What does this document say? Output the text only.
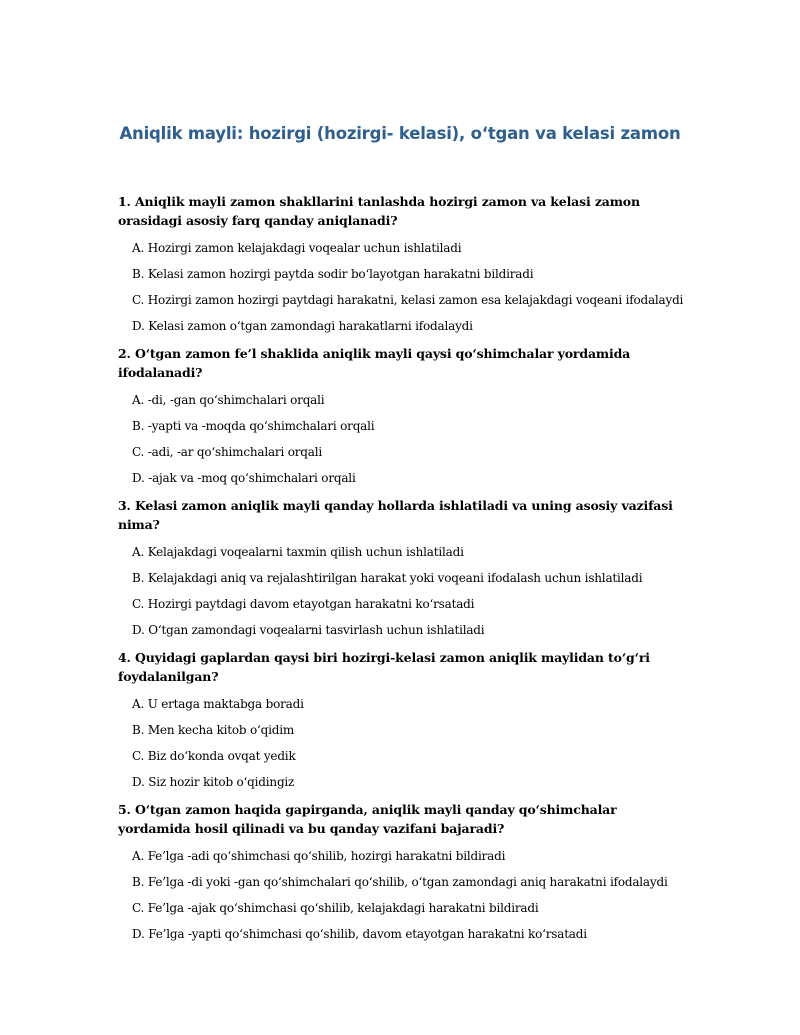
Aniqlik mayli: hozirgi (hozirgi- kelasi), o‘tgan va kelasi zamon

1. Aniqlik mayli zamon shakllarini tanlashda hozirgi zamon va kelasi zamon orasidagi asosiy farq qanday aniqlanadi?

A. Hozirgi zamon kelajakdagi voqealar uchun ishlatiladi
B. Kelasi zamon hozirgi paytda sodir bo‘layotgan harakatni bildiradi
C. Hozirgi zamon hozirgi paytdagi harakatni, kelasi zamon esa kelajakdagi voqeani ifodalaydi
D. Kelasi zamon o‘tgan zamondagi harakatlarni ifodalaydi

2. O‘tgan zamon fe’l shaklida aniqlik mayli qaysi qo‘shimchalar yordamida ifodalanadi?

A. -di, -gan qo‘shimchalari orqali
B. -yapti va -moqda qo‘shimchalari orqali
C. -adi, -ar qo‘shimchalari orqali
D. -ajak va -moq qo‘shimchalari orqali

3. Kelasi zamon aniqlik mayli qanday hollarda ishlatiladi va uning asosiy vazifasi nima?

A. Kelajakdagi voqealarni taxmin qilish uchun ishlatiladi
B. Kelajakdagi aniq va rejalashtirilgan harakat yoki voqeani ifodalash uchun ishlatiladi
C. Hozirgi paytdagi davom etayotgan harakatni ko‘rsatadi
D. O‘tgan zamondagi voqealarni tasvirlash uchun ishlatiladi

4. Quyidagi gaplardan qaysi biri hozirgi-kelasi zamon aniqlik maylidan to‘g‘ri foydalanilgan?

A. U ertaga maktabga boradi
B. Men kecha kitob o‘qidim
C. Biz do‘konda ovqat yedik
D. Siz hozir kitob o‘qidingiz

5. O‘tgan zamon haqida gapirganda, aniqlik mayli qanday qo‘shimchalar yordamida hosil qilinadi va bu qanday vazifani bajaradi?

A. Fe’lga -adi qo‘shimchasi qo‘shilib, hozirgi harakatni bildiradi
B. Fe’lga -di yoki -gan qo‘shimchalari qo‘shilib, o‘tgan zamondagi aniq harakatni ifodalaydi
C. Fe’lga -ajak qo‘shimchasi qo‘shilib, kelajakdagi harakatni bildiradi
D. Fe’lga -yapti qo‘shimchasi qo‘shilib, davom etayotgan harakatni ko‘rsatadi
